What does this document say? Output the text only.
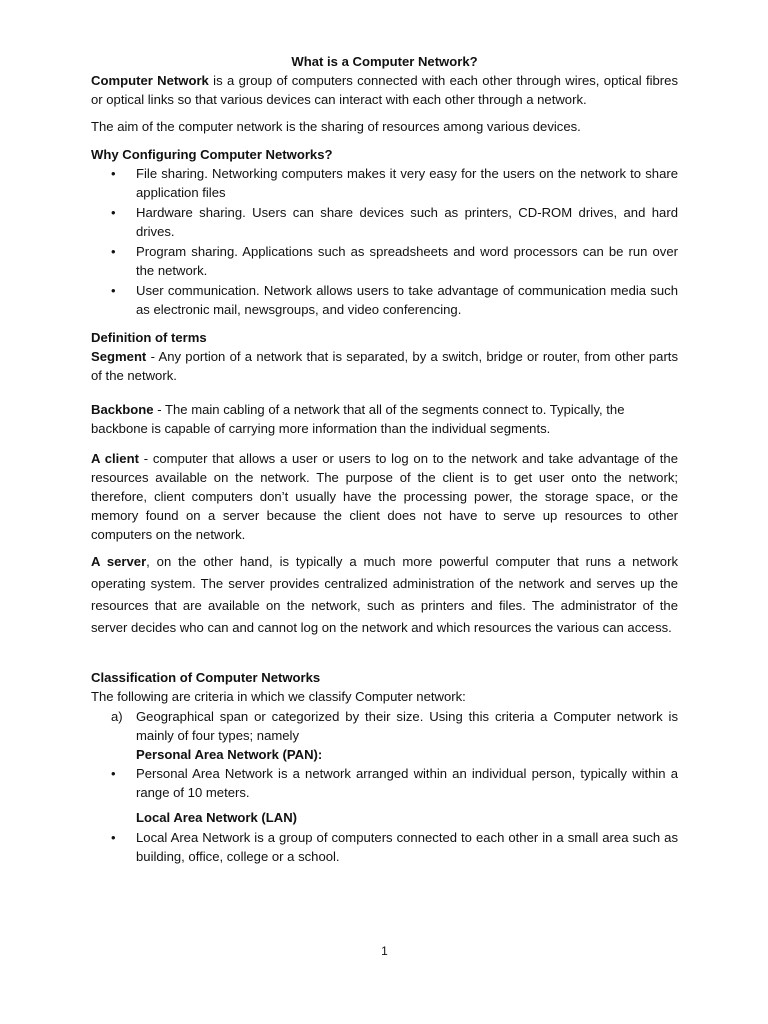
What is a Computer Network?

Computer Network is a group of computers connected with each other through wires, optical fibres or optical links so that various devices can interact with each other through a network.

The aim of the computer network is the sharing of resources among various devices.

Why Configuring Computer Networks?

• File sharing. Networking computers makes it very easy for the users on the network to share application files

• Hardware sharing. Users can share devices such as printers, CD-ROM drives, and hard drives.

• Program sharing. Applications such as spreadsheets and word processors can be run over the network.

• User communication. Network allows users to take advantage of communication media such as electronic mail, newsgroups, and video conferencing.

Definition of terms

Segment - Any portion of a network that is separated, by a switch, bridge or router, from other parts of the network.

Backbone - The main cabling of a network that all of the segments connect to. Typically, the backbone is capable of carrying more information than the individual segments.

A client - computer that allows a user or users to log on to the network and take advantage of the resources available on the network. The purpose of the client is to get user onto the network; therefore, client computers don’t usually have the processing power, the storage space, or the memory found on a server because the client does not have to serve up resources to other computers on the network.

A server, on the other hand, is typically a much more powerful computer that runs a network operating system. The server provides centralized administration of the network and serves up the resources that are available on the network, such as printers and files. The administrator of the server decides who can and cannot log on the network and which resources the various can access.

Classification of Computer Networks

The following are criteria in which we classify Computer network:

a) Geographical span or categorized by their size. Using this criteria a Computer network is mainly of four types; namely

Personal Area Network (PAN):

• Personal Area Network is a network arranged within an individual person, typically within a range of 10 meters.

Local Area Network (LAN)

• Local Area Network is a group of computers connected to each other in a small area such as building, office, college or a school.

1
